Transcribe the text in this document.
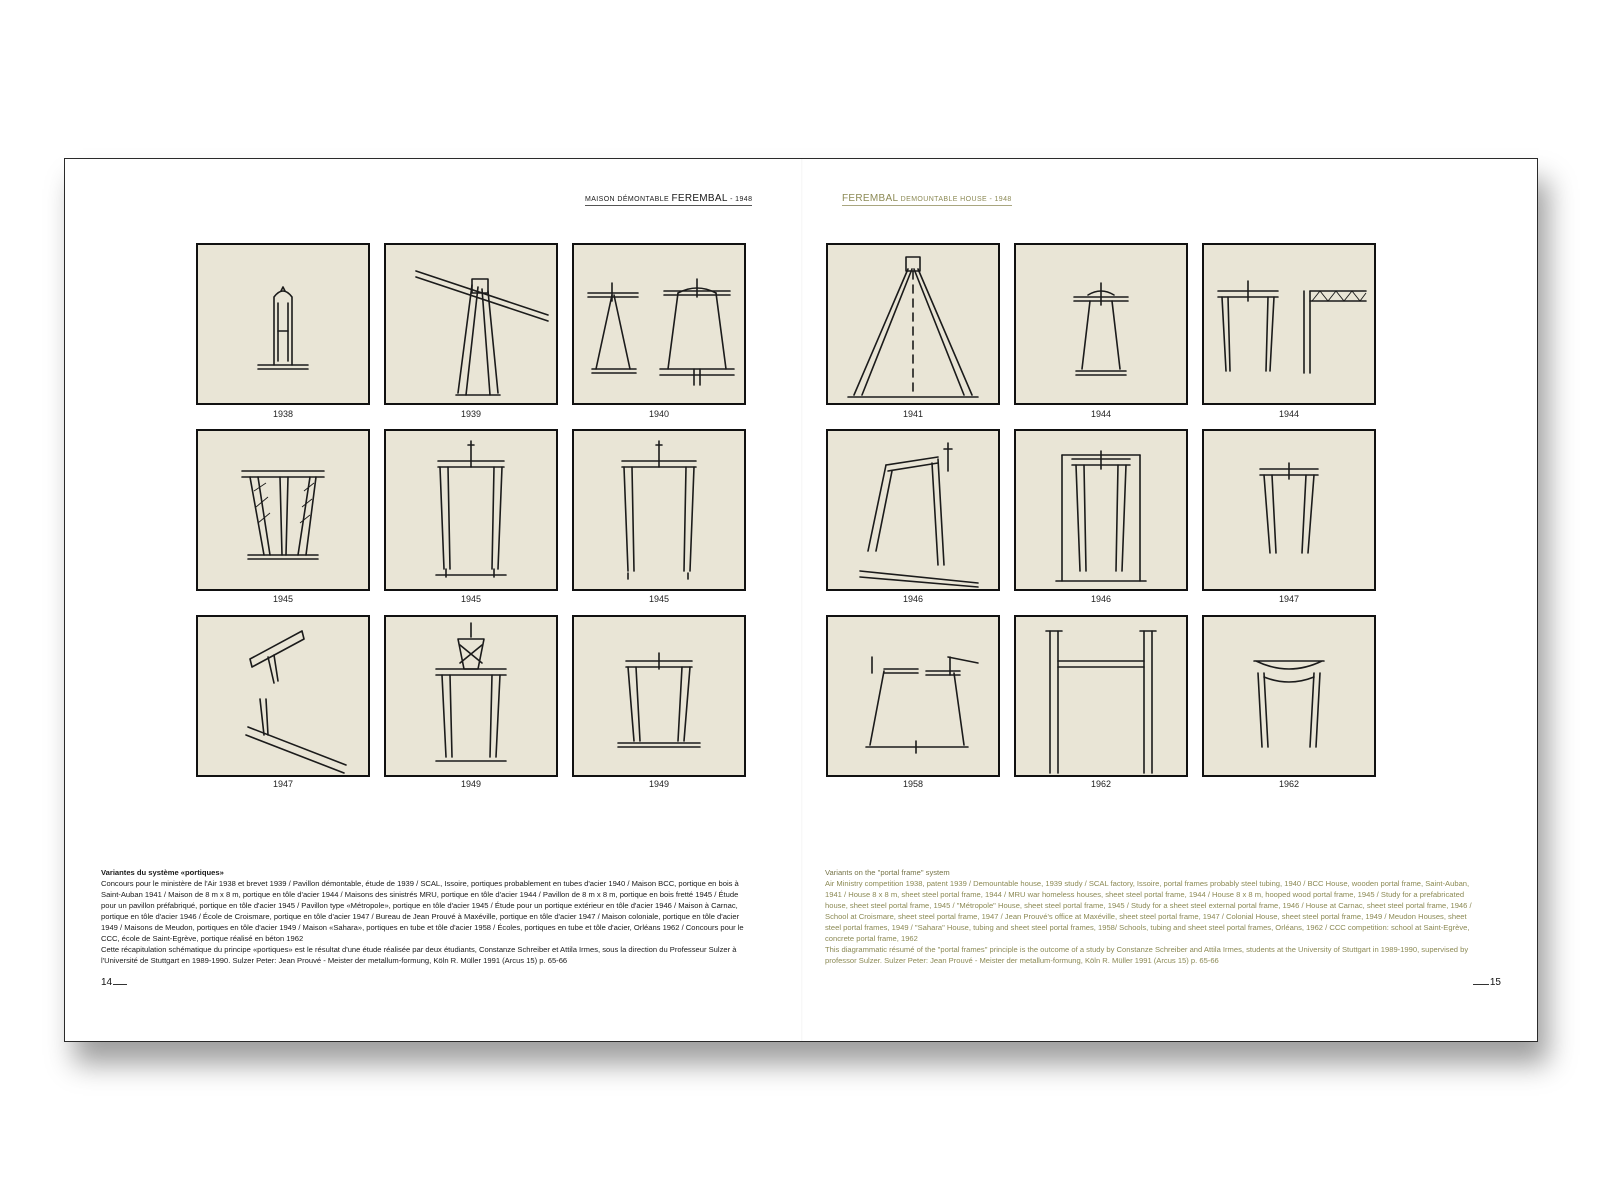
MAISON DÉMONTABLE FEREMBAL - 1948	FEREMBAL DEMOUNTABLE HOUSE - 1948
1938	1939	1940
1945	1945	1945
1947	1949	1949
1941	1944	1944
1946	1946	1947
1958	1962	1962
Variantes du système «portiques»
Concours pour le ministère de l'Air 1938 et brevet 1939 / Pavillon démontable, étude de 1939 / SCAL, Issoire, portiques probablement en tubes d'acier 1940 / Maison BCC, portique en bois à Saint-Auban 1941 / Maison de 8 m x 8 m, portique en tôle d'acier 1944 / Maisons des sinistrés MRU, portique en tôle d'acier 1944 / Pavillon de 8 m x 8 m, portique en bois fretté 1945 / Étude pour un pavillon préfabriqué, portique en tôle d'acier 1945 / Pavillon type «Métropole», portique en tôle d'acier 1945 / Étude pour un portique extérieur en tôle d'acier 1946 / Maison à Carnac, portique en tôle d'acier 1946 / École de Croismare, portique en tôle d'acier 1947 / Bureau de Jean Prouvé à Maxéville, portique en tôle d'acier 1947 / Maison coloniale, portique en tôle d'acier 1949 / Maisons de Meudon, portiques en tôle d'acier 1949 / Maison «Sahara», portiques en tube et tôle d'acier 1958 / Écoles, portiques en tube et tôle d'acier, Orléans 1962 / Concours pour le CCC, école de Saint-Egrève, portique réalisé en béton 1962
Cette récapitulation schématique du principe «portiques» est le résultat d'une étude réalisée par deux étudiants, Constanze Schreiber et Attila Irmes, sous la direction du Professeur Sulzer à l'Université de Stuttgart en 1989-1990. Sulzer Peter: Jean Prouvé - Meister der metallum-formung, Köln R. Müller 1991 (Arcus 15) p. 65-66
Variants on the "portal frame" system
Air Ministry competition 1938, patent 1939 / Demountable house, 1939 study / SCAL factory, Issoire, portal frames probably steel tubing, 1940 / BCC House, wooden portal frame, Saint-Auban, 1941 / House 8 x 8 m, sheet steel portal frame, 1944 / MRU war homeless houses, sheet steel portal frame, 1944 / House 8 x 8 m, hooped wood portal frame, 1945 / Study for a prefabricated house, sheet steel portal frame, 1945 / "Métropole" House, sheet steel portal frame, 1945 / Study for a sheet steel external portal frame, 1946 / House at Carnac, sheet steel portal frame, 1946 / School at Croismare, sheet steel portal frame, 1947 / Jean Prouvé's office at Maxéville, sheet steel portal frame, 1947 / Colonial House, sheet steel portal frame, 1949 / Meudon Houses, sheet steel portal frames, 1949 / "Sahara" House, tubing and sheet steel portal frames, 1958/ Schools, tubing and sheet steel portal frames, Orléans, 1962 / CCC competition: school at Saint-Egrève, concrete portal frame, 1962
This diagrammatic résumé of the "portal frames" principle is the outcome of a study by Constanze Schreiber and Attila Irmes, students at the University of Stuttgart in 1989-1990, supervised by professor Sulzer. Sulzer Peter: Jean Prouvé - Meister der metallum-formung, Köln R. Müller 1991 (Arcus 15) p. 65-66
14	15
